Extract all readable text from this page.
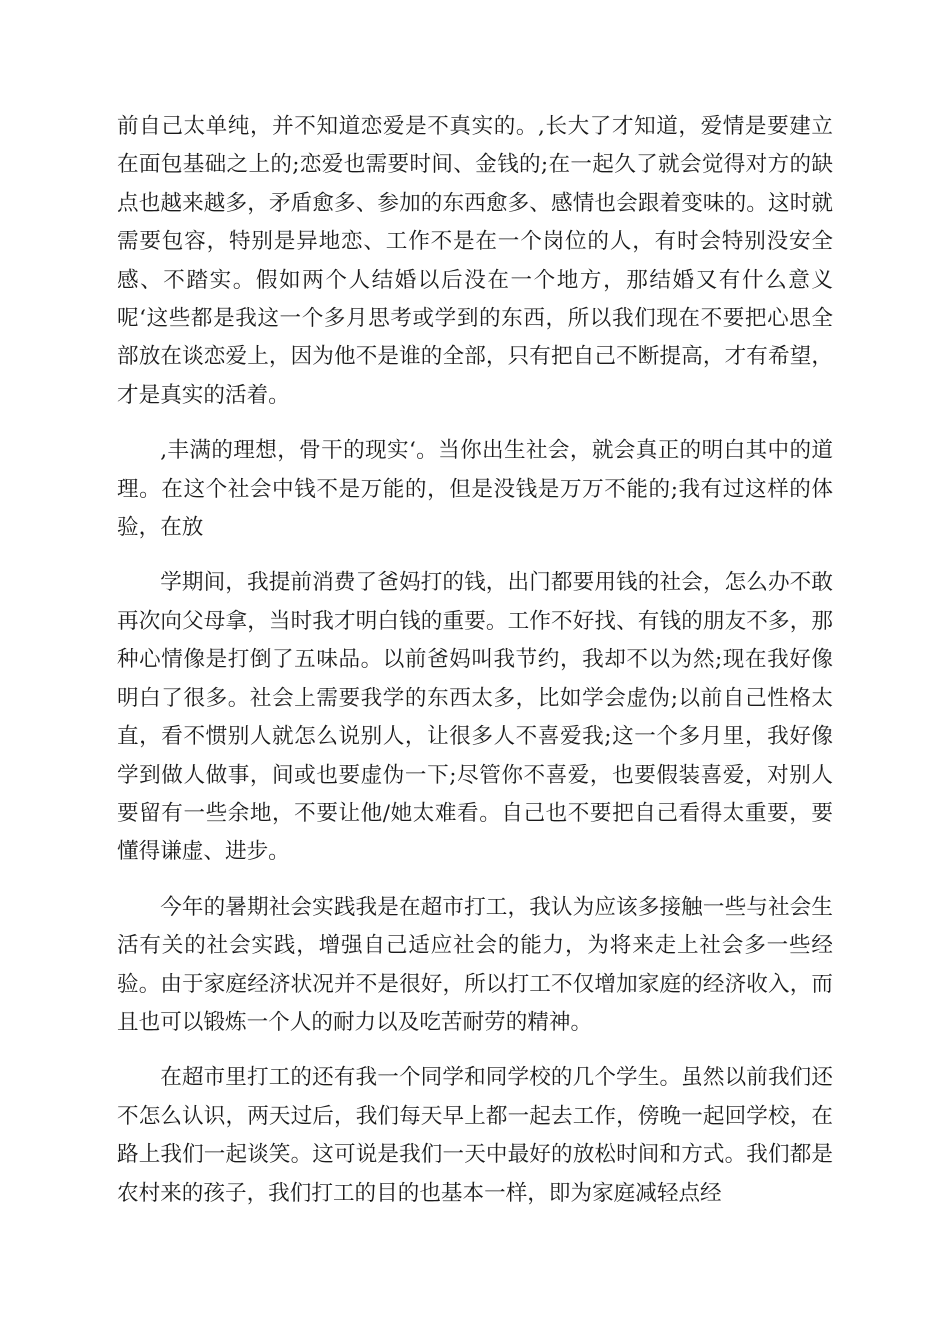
前自己太单纯，并不知道恋爱是不真实的。,长大了才知道，爱情是要建立在面包基础之上的;恋爱也需要时间、金钱的;在一起久了就会觉得对方的缺点也越来越多，矛盾愈多、参加的东西愈多、感情也会跟着变味的。这时就需要包容，特别是异地恋、工作不是在一个岗位的人，有时会特别没安全感、不踏实。假如两个人结婚以后没在一个地方，那结婚又有什么意义呢‘这些都是我这一个多月思考或学到的东西，所以我们现在不要把心思全部放在谈恋爱上，因为他不是谁的全部，只有把自己不断提高，才有希望，才是真实的活着。

,丰满的理想，骨干的现实‘。当你出生社会，就会真正的明白其中的道理。在这个社会中钱不是万能的，但是没钱是万万不能的;我有过这样的体验，在放

学期间，我提前消费了爸妈打的钱，出门都要用钱的社会，怎么办不敢再次向父母拿，当时我才明白钱的重要。工作不好找、有钱的朋友不多，那种心情像是打倒了五味品。以前爸妈叫我节约，我却不以为然;现在我好像明白了很多。社会上需要我学的东西太多，比如学会虚伪;以前自己性格太直，看不惯别人就怎么说别人，让很多人不喜爱我;这一个多月里，我好像学到做人做事，间或也要虚伪一下;尽管你不喜爱，也要假装喜爱，对别人要留有一些余地，不要让他/她太难看。自己也不要把自己看得太重要，要懂得谦虚、进步。

今年的暑期社会实践我是在超市打工，我认为应该多接触一些与社会生活有关的社会实践，增强自己适应社会的能力，为将来走上社会多一些经验。由于家庭经济状况并不是很好，所以打工不仅增加家庭的经济收入，而且也可以锻炼一个人的耐力以及吃苦耐劳的精神。

在超市里打工的还有我一个同学和同学校的几个学生。虽然以前我们还不怎么认识，两天过后，我们每天早上都一起去工作，傍晚一起回学校，在路上我们一起谈笑。这可说是我们一天中最好的放松时间和方式。我们都是农村来的孩子，我们打工的目的也基本一样，即为家庭减轻点经
